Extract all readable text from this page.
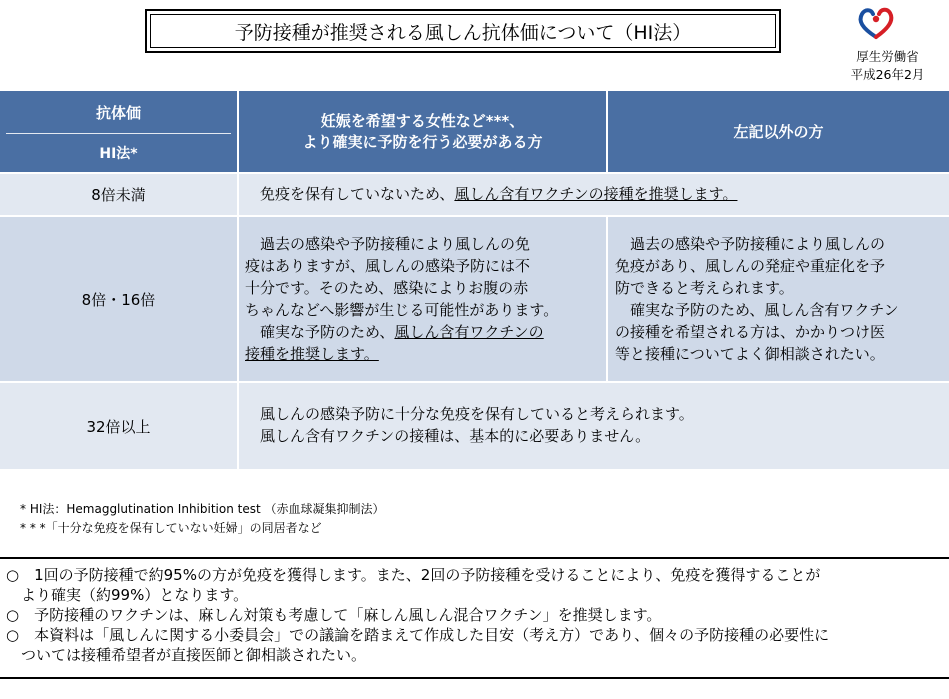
予防接種が推奨される風しん抗体価について（HI法）
厚生労働省
平成26年2月
抗体価
HI法*
妊娠を希望する女性など***、
より確実に予防を行う必要がある方
左記以外の方
8倍未満	免疫を保有していないため、風しん含有ワクチンの接種を推奨します。
8倍・16倍
　過去の感染や予防接種により風しんの免
疫はありますが、風しんの感染予防には不
十分です。そのため、感染によりお腹の赤
ちゃんなどへ影響が生じる可能性があります。
　確実な予防のため、風しん含有ワクチンの
接種を推奨します。
　過去の感染や予防接種により風しんの
免疫があり、風しんの発症や重症化を予
防できると考えられます。
　確実な予防のため、風しん含有ワクチン
の接種を希望される方は、かかりつけ医
等と接種についてよく御相談されたい。
32倍以上
風しんの感染予防に十分な免疫を保有していると考えられます。
風しん含有ワクチンの接種は、基本的に必要ありません。
* HI法：Hemagglutination Inhibition test （赤血球凝集抑制法）
* * *「十分な免疫を保有していない妊婦」の同居者など

○　1回の予防接種で約95%の方が免疫を獲得します。また、2回の予防接種を受けることにより、免疫を獲得することが

　より確実（約99%）となります。

○　予防接種のワクチンは、麻しん対策も考慮して「麻しん風しん混合ワクチン」を推奨します。

○　本資料は「風しんに関する小委員会」での議論を踏まえて作成した目安（考え方）であり、個々の予防接種の必要性に

　ついては接種希望者が直接医師と御相談されたい。
